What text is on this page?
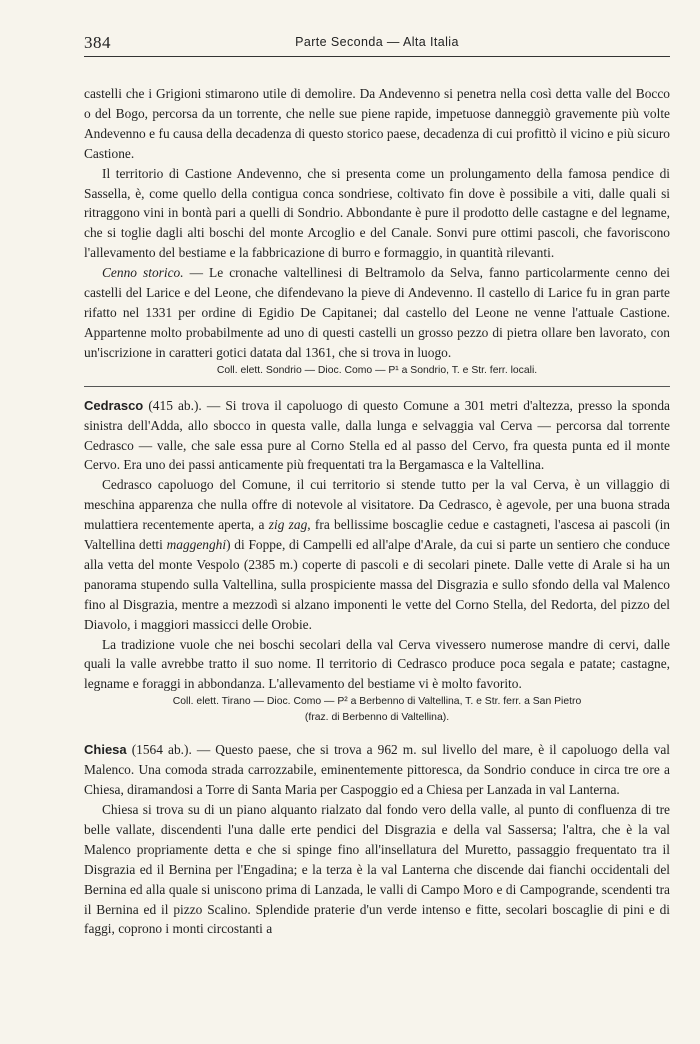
384	Parte Seconda — Alta Italia

castelli che i Grigioni stimarono utile di demolire. Da Andevenno si penetra nella così detta valle del Bocco o del Bogo, percorsa da un torrente, che nelle sue piene rapide, impetuose danneggiò gravemente più volte Andevenno e fu causa della decadenza di questo storico paese, decadenza di cui profittò il vicino e più sicuro Castione.

Il territorio di Castione Andevenno, che si presenta come un prolungamento della famosa pendice di Sassella, è, come quello della contigua conca sondriese, coltivato fin dove è possibile a viti, dalle quali si ritraggono vini in bontà pari a quelli di Sondrio. Abbondante è pure il prodotto delle castagne e del legname, che si toglie dagli alti boschi del monte Arcoglio e del Canale. Sonvi pure ottimi pascoli, che favoriscono l'allevamento del bestiame e la fabbricazione di burro e formaggio, in quantità rilevanti.

Cenno storico. — Le cronache valtellinesi di Beltramolo da Selva, fanno particolarmente cenno dei castelli del Larice e del Leone, che difendevano la pieve di Andevenno. Il castello di Larice fu in gran parte rifatto nel 1331 per ordine di Egidio De Capitanei; dal castello del Leone ne venne l'attuale Castione. Appartenne molto probabilmente ad uno di questi castelli un grosso pezzo di pietra ollare ben lavorato, con un'iscrizione in caratteri gotici datata dal 1361, che si trova in luogo.

Coll. elett. Sondrio — Dioc. Como — P¹ a Sondrio, T. e Str. ferr. locali.

Cedrasco (415 ab.). — Si trova il capoluogo di questo Comune a 301 metri d'altezza, presso la sponda sinistra dell'Adda, allo sbocco in questa valle, dalla lunga e selvaggia val Cerva — percorsa dal torrente Cedrasco — valle, che sale essa pure al Corno Stella ed al passo del Cervo, fra questa punta ed il monte Cervo. Era uno dei passi anticamente più frequentati tra la Bergamasca e la Valtellina.

Cedrasco capoluogo del Comune, il cui territorio si stende tutto per la val Cerva, è un villaggio di meschina apparenza che nulla offre di notevole al visitatore. Da Cedrasco, è agevole, per una buona strada mulattiera recentemente aperta, a zig zag, fra bellissime boscaglie cedue e castagneti, l'ascesa ai pascoli (in Valtellina detti maggenghi) di Foppe, di Campelli ed all'alpe d'Arale, da cui si parte un sentiero che conduce alla vetta del monte Vespolo (2385 m.) coperte di pascoli e di secolari pinete. Dalle vette di Arale si ha un panorama stupendo sulla Valtellina, sulla prospiciente massa del Disgrazia e sullo sfondo della val Malenco fino al Disgrazia, mentre a mezzodì si alzano imponenti le vette del Corno Stella, del Redorta, del pizzo del Diavolo, i maggiori massicci delle Orobie.

La tradizione vuole che nei boschi secolari della val Cerva vivessero numerose mandre di cervi, dalle quali la valle avrebbe tratto il suo nome. Il territorio di Cedrasco produce poca segala e patate; castagne, legname e foraggi in abbondanza. L'allevamento del bestiame vi è molto favorito.

Coll. elett. Tirano — Dioc. Como — P² a Berbenno di Valtellina, T. e Str. ferr. a San Pietro

(fraz. di Berbenno di Valtellina).

Chiesa (1564 ab.). — Questo paese, che si trova a 962 m. sul livello del mare, è il capoluogo della val Malenco. Una comoda strada carrozzabile, eminentemente pittoresca, da Sondrio conduce in circa tre ore a Chiesa, diramandosi a Torre di Santa Maria per Caspoggio ed a Chiesa per Lanzada in val Lanterna.

Chiesa si trova su di un piano alquanto rialzato dal fondo vero della valle, al punto di confluenza di tre belle vallate, discendenti l'una dalle erte pendici del Disgrazia e della val Sassersa; l'altra, che è la val Malenco propriamente detta e che si spinge fino all'insellatura del Muretto, passaggio frequentato tra il Disgrazia ed il Bernina per l'Engadina; e la terza è la val Lanterna che discende dai fianchi occidentali del Bernina ed alla quale si uniscono prima di Lanzada, le valli di Campo Moro e di Campogrande, scendenti tra il Bernina ed il pizzo Scalino. Splendide praterie d'un verde intenso e fitte, secolari boscaglie di pini e di faggi, coprono i monti circostanti a
